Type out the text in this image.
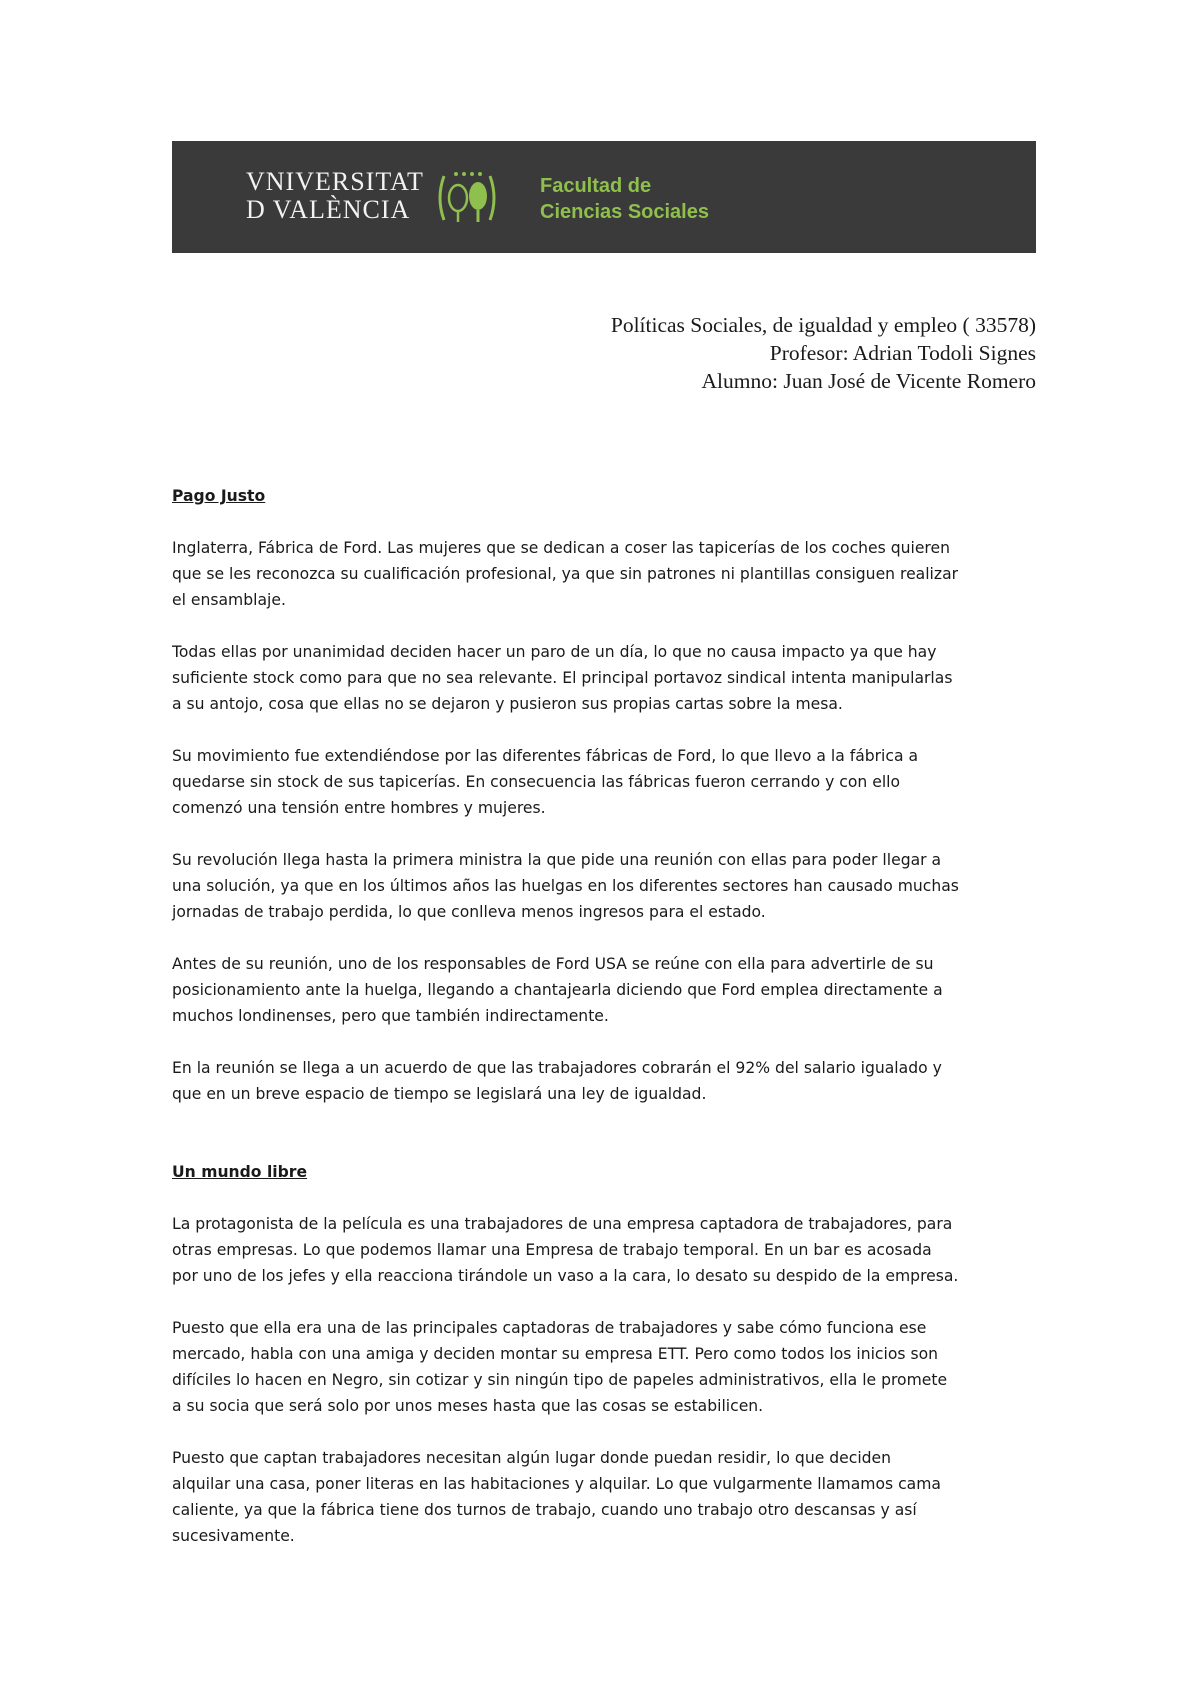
VNIVERSITAT
D VALÈNCIA
Facultad de
Ciencias Sociales
Políticas Sociales, de igualdad y empleo ( 33578)
Profesor: Adrian Todoli Signes
Alumno: Juan José de Vicente Romero
Pago Justo
Inglaterra, Fábrica de Ford. Las mujeres que se dedican a coser las tapicerías de los coches quieren
que se les reconozca su cualificación profesional, ya que sin patrones ni plantillas consiguen realizar
el ensamblaje.
Todas ellas por unanimidad deciden hacer un paro de un día, lo que no causa impacto ya que hay
suficiente stock como para que no sea relevante. El principal portavoz sindical intenta manipularlas
a su antojo, cosa que ellas no se dejaron y pusieron sus propias cartas sobre la mesa.
Su movimiento fue extendiéndose por las diferentes fábricas de Ford, lo que llevo a la fábrica a
quedarse sin stock de sus tapicerías. En consecuencia las fábricas fueron cerrando y con ello
comenzó una tensión entre hombres y mujeres.
Su revolución llega hasta la primera ministra la que pide una reunión con ellas para poder llegar a
una solución, ya que en los últimos años las huelgas en los diferentes sectores han causado muchas
jornadas de trabajo perdida, lo que conlleva menos ingresos para el estado.
Antes de su reunión, uno de los responsables de Ford USA se reúne con ella para advertirle de su
posicionamiento ante la huelga, llegando a chantajearla diciendo que Ford emplea directamente a
muchos londinenses, pero que también indirectamente.
En la reunión se llega a un acuerdo de que las trabajadores cobrarán el 92% del salario igualado y
que en un breve espacio de tiempo se legislará una ley de igualdad.
Un mundo libre
La protagonista de la película es una trabajadores de una empresa captadora de trabajadores, para
otras empresas. Lo que podemos llamar una Empresa de trabajo temporal. En un bar es acosada
por uno de los jefes y ella reacciona tirándole un vaso a la cara, lo desato su despido de la empresa.
Puesto que ella era una de las principales captadoras de trabajadores y sabe cómo funciona ese
mercado, habla con una amiga y deciden montar su empresa ETT. Pero como todos los inicios son
difíciles lo hacen en Negro, sin cotizar y sin ningún tipo de papeles administrativos, ella le promete
a su socia que será solo por unos meses hasta que las cosas se estabilicen.
Puesto que captan trabajadores necesitan algún lugar donde puedan residir, lo que deciden
alquilar una casa, poner literas en las habitaciones y alquilar. Lo que vulgarmente llamamos cama
caliente, ya que la fábrica tiene dos turnos de trabajo, cuando uno trabajo otro descansas y así
sucesivamente.
